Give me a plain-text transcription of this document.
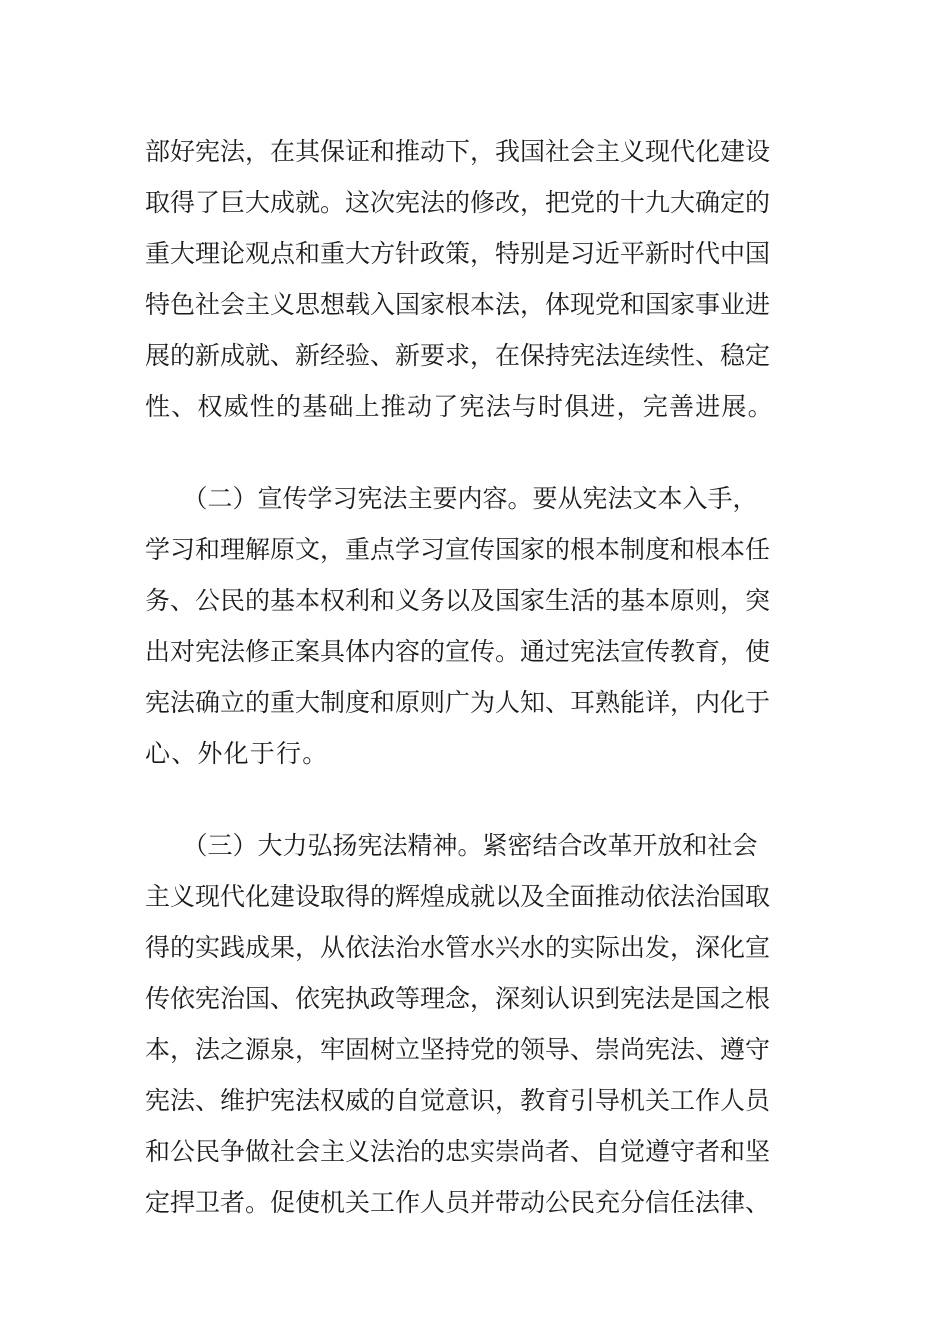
部好宪法，在其保证和推动下，我国社会主义现代化建设
取得了巨大成就。这次宪法的修改，把党的十九大确定的
重大理论观点和重大方针政策，特别是习近平新时代中国
特色社会主义思想载入国家根本法，体现党和国家事业进
展的新成就、新经验、新要求，在保持宪法连续性、稳定
性、权威性的基础上推动了宪法与时俱进，完善进展。
　　（二）宣传学习宪法主要内容。要从宪法文本入手，
学习和理解原文，重点学习宣传国家的根本制度和根本任
务、公民的基本权利和义务以及国家生活的基本原则，突
出对宪法修正案具体内容的宣传。通过宪法宣传教育，使
宪法确立的重大制度和原则广为人知、耳熟能详，内化于
心、外化于行。
　　（三）大力弘扬宪法精神。紧密结合改革开放和社会
主义现代化建设取得的辉煌成就以及全面推动依法治国取
得的实践成果，从依法治水管水兴水的实际出发，深化宣
传依宪治国、依宪执政等理念，深刻认识到宪法是国之根
本，法之源泉，牢固树立坚持党的领导、崇尚宪法、遵守
宪法、维护宪法权威的自觉意识，教育引导机关工作人员
和公民争做社会主义法治的忠实崇尚者、自觉遵守者和坚
定捍卫者。促使机关工作人员并带动公民充分信任法律、
